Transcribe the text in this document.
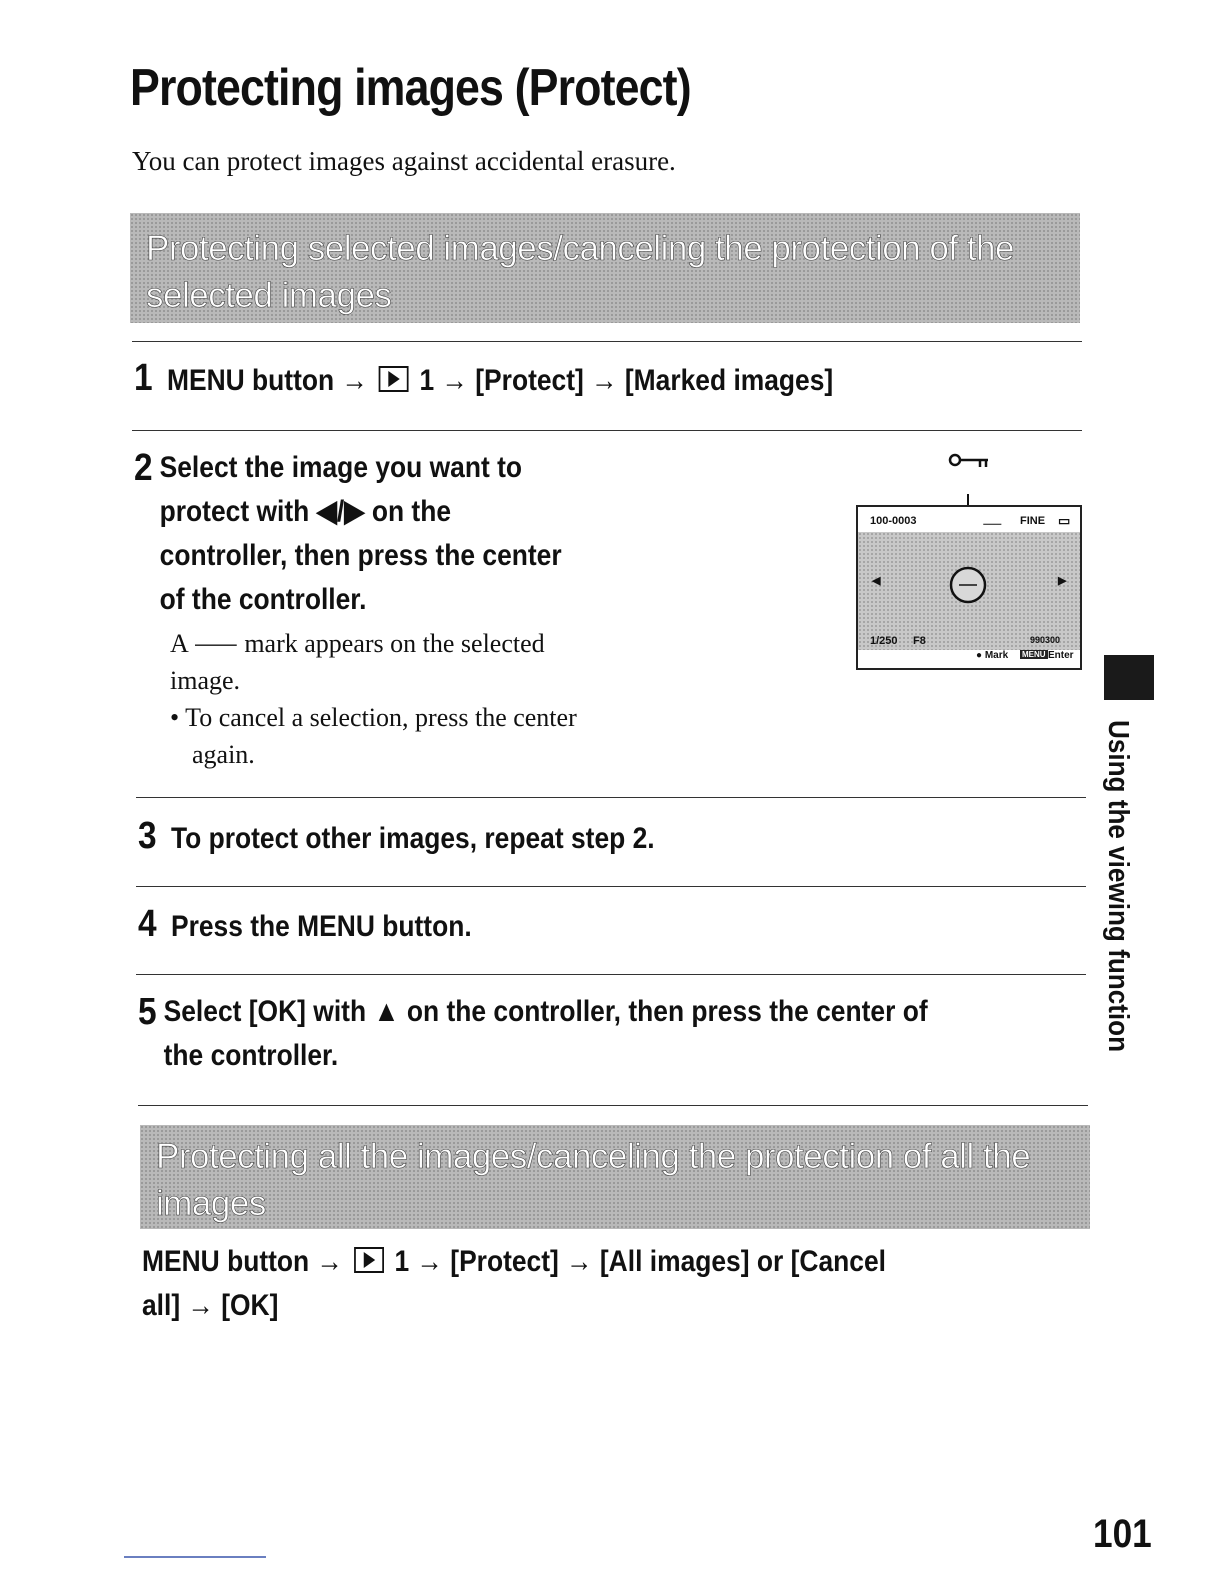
Protecting images (Protect)
You can protect images against accidental erasure.
Protecting selected images/canceling the protection of the
selected images
1 MENU button → 1 → [Protect] → [Marked images]
2 Select the image you want to
protect with ◀/▶ on the
controller, then press the center
of the controller.
A ⸺ mark appears on the selected
image.
• To cancel a selection, press the center
again.
100-0003	⸺ FINE ▭
◀	▶
1/250 F8	990300
● Mark MENU Enter
3 To protect other images, repeat step 2.
4 Press the MENU button.
5 Select [OK] with ▲ on the controller, then press the center of
the controller.
Protecting all the images/canceling the protection of all the
images
MENU button → 1 → [Protect] → [All images] or [Cancel
all] → [OK]
Using the viewing function
101
